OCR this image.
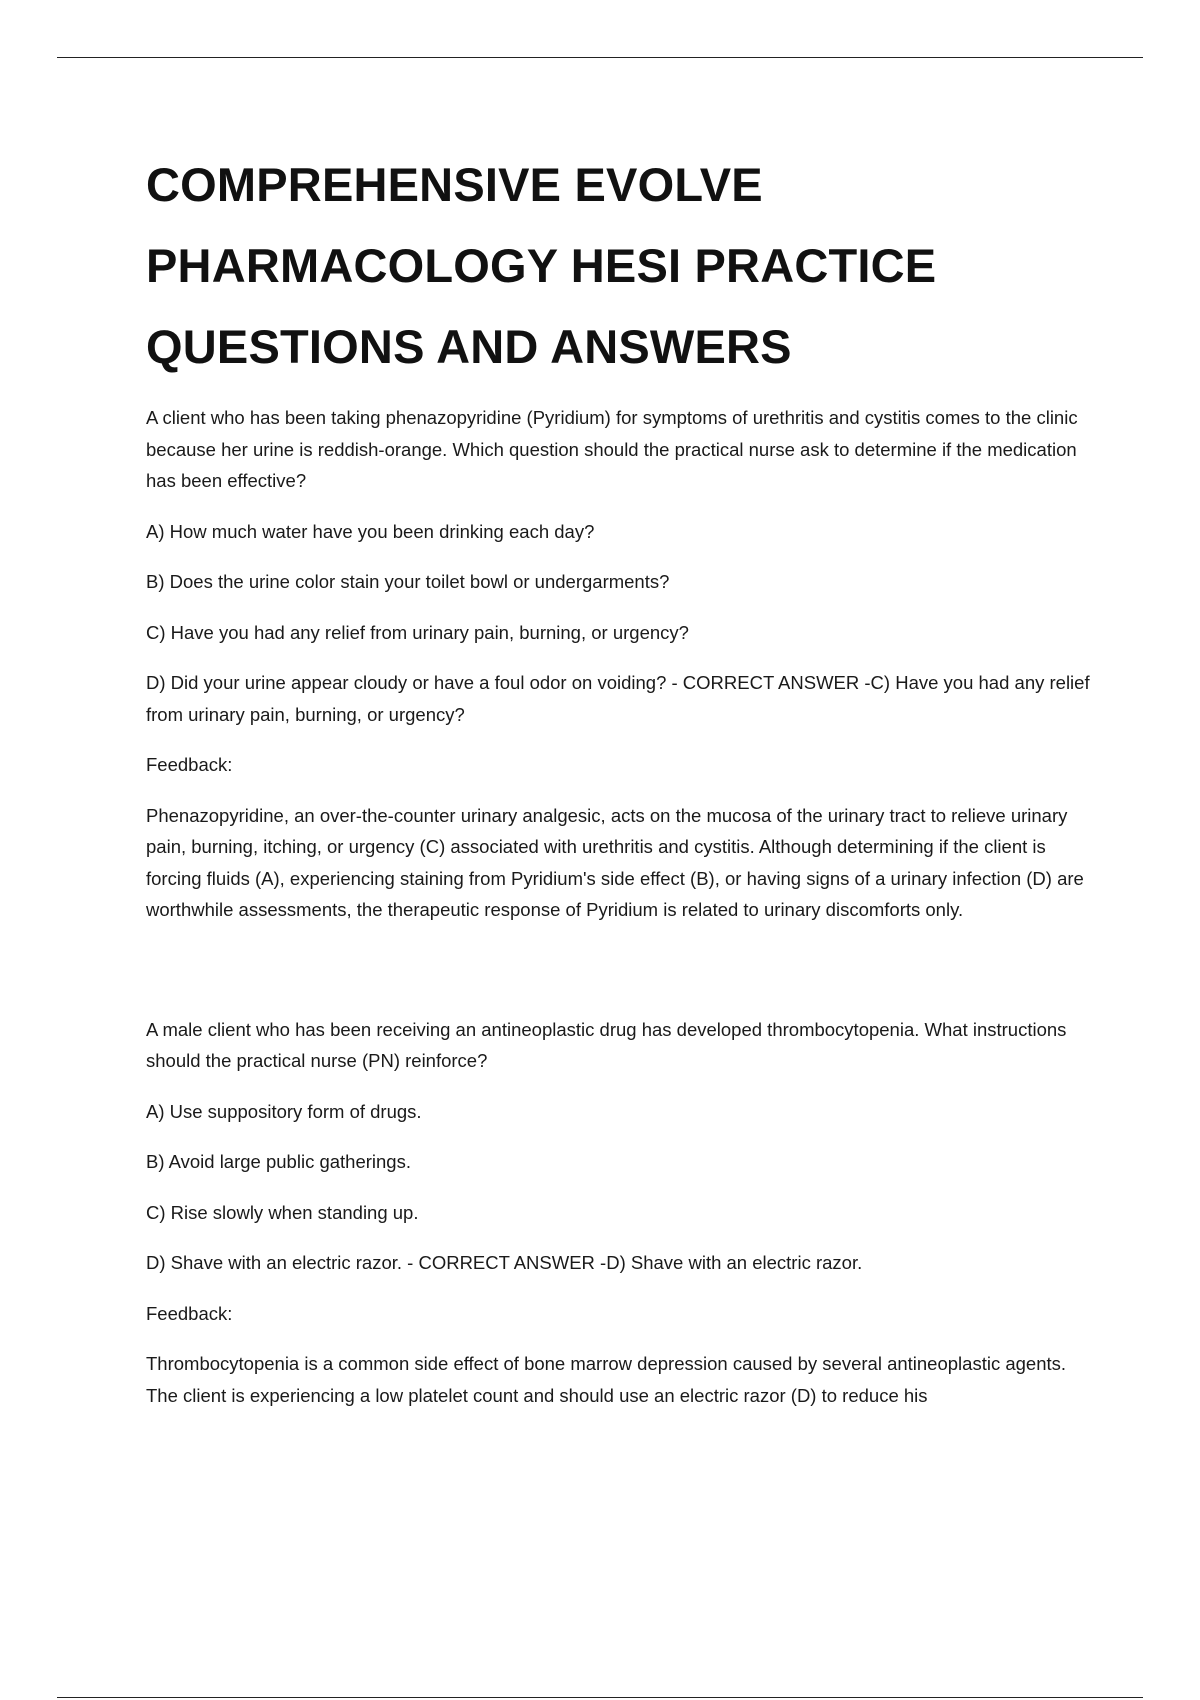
COMPREHENSIVE EVOLVE
PHARMACOLOGY HESI PRACTICE
QUESTIONS AND ANSWERS

A client who has been taking phenazopyridine (Pyridium) for symptoms of urethritis and cystitis comes to the clinic because her urine is reddish-orange. Which question should the practical nurse ask to determine if the medication has been effective?

A) How much water have you been drinking each day?

B) Does the urine color stain your toilet bowl or undergarments?

C) Have you had any relief from urinary pain, burning, or urgency?

D) Did your urine appear cloudy or have a foul odor on voiding? - CORRECT ANSWER -C) Have you had any relief from urinary pain, burning, or urgency?

Feedback:

Phenazopyridine, an over-the-counter urinary analgesic, acts on the mucosa of the urinary tract to relieve urinary pain, burning, itching, or urgency (C) associated with urethritis and cystitis. Although determining if the client is forcing fluids (A), experiencing staining from Pyridium's side effect (B), or having signs of a urinary infection (D) are worthwhile assessments, the therapeutic response of Pyridium is related to urinary discomforts only.

A male client who has been receiving an antineoplastic drug has developed thrombocytopenia. What instructions should the practical nurse (PN) reinforce?

A) Use suppository form of drugs.

B) Avoid large public gatherings.

C) Rise slowly when standing up.

D) Shave with an electric razor. - CORRECT ANSWER -D) Shave with an electric razor.

Feedback:

Thrombocytopenia is a common side effect of bone marrow depression caused by several antineoplastic agents. The client is experiencing a low platelet count and should use an electric razor (D) to reduce his
